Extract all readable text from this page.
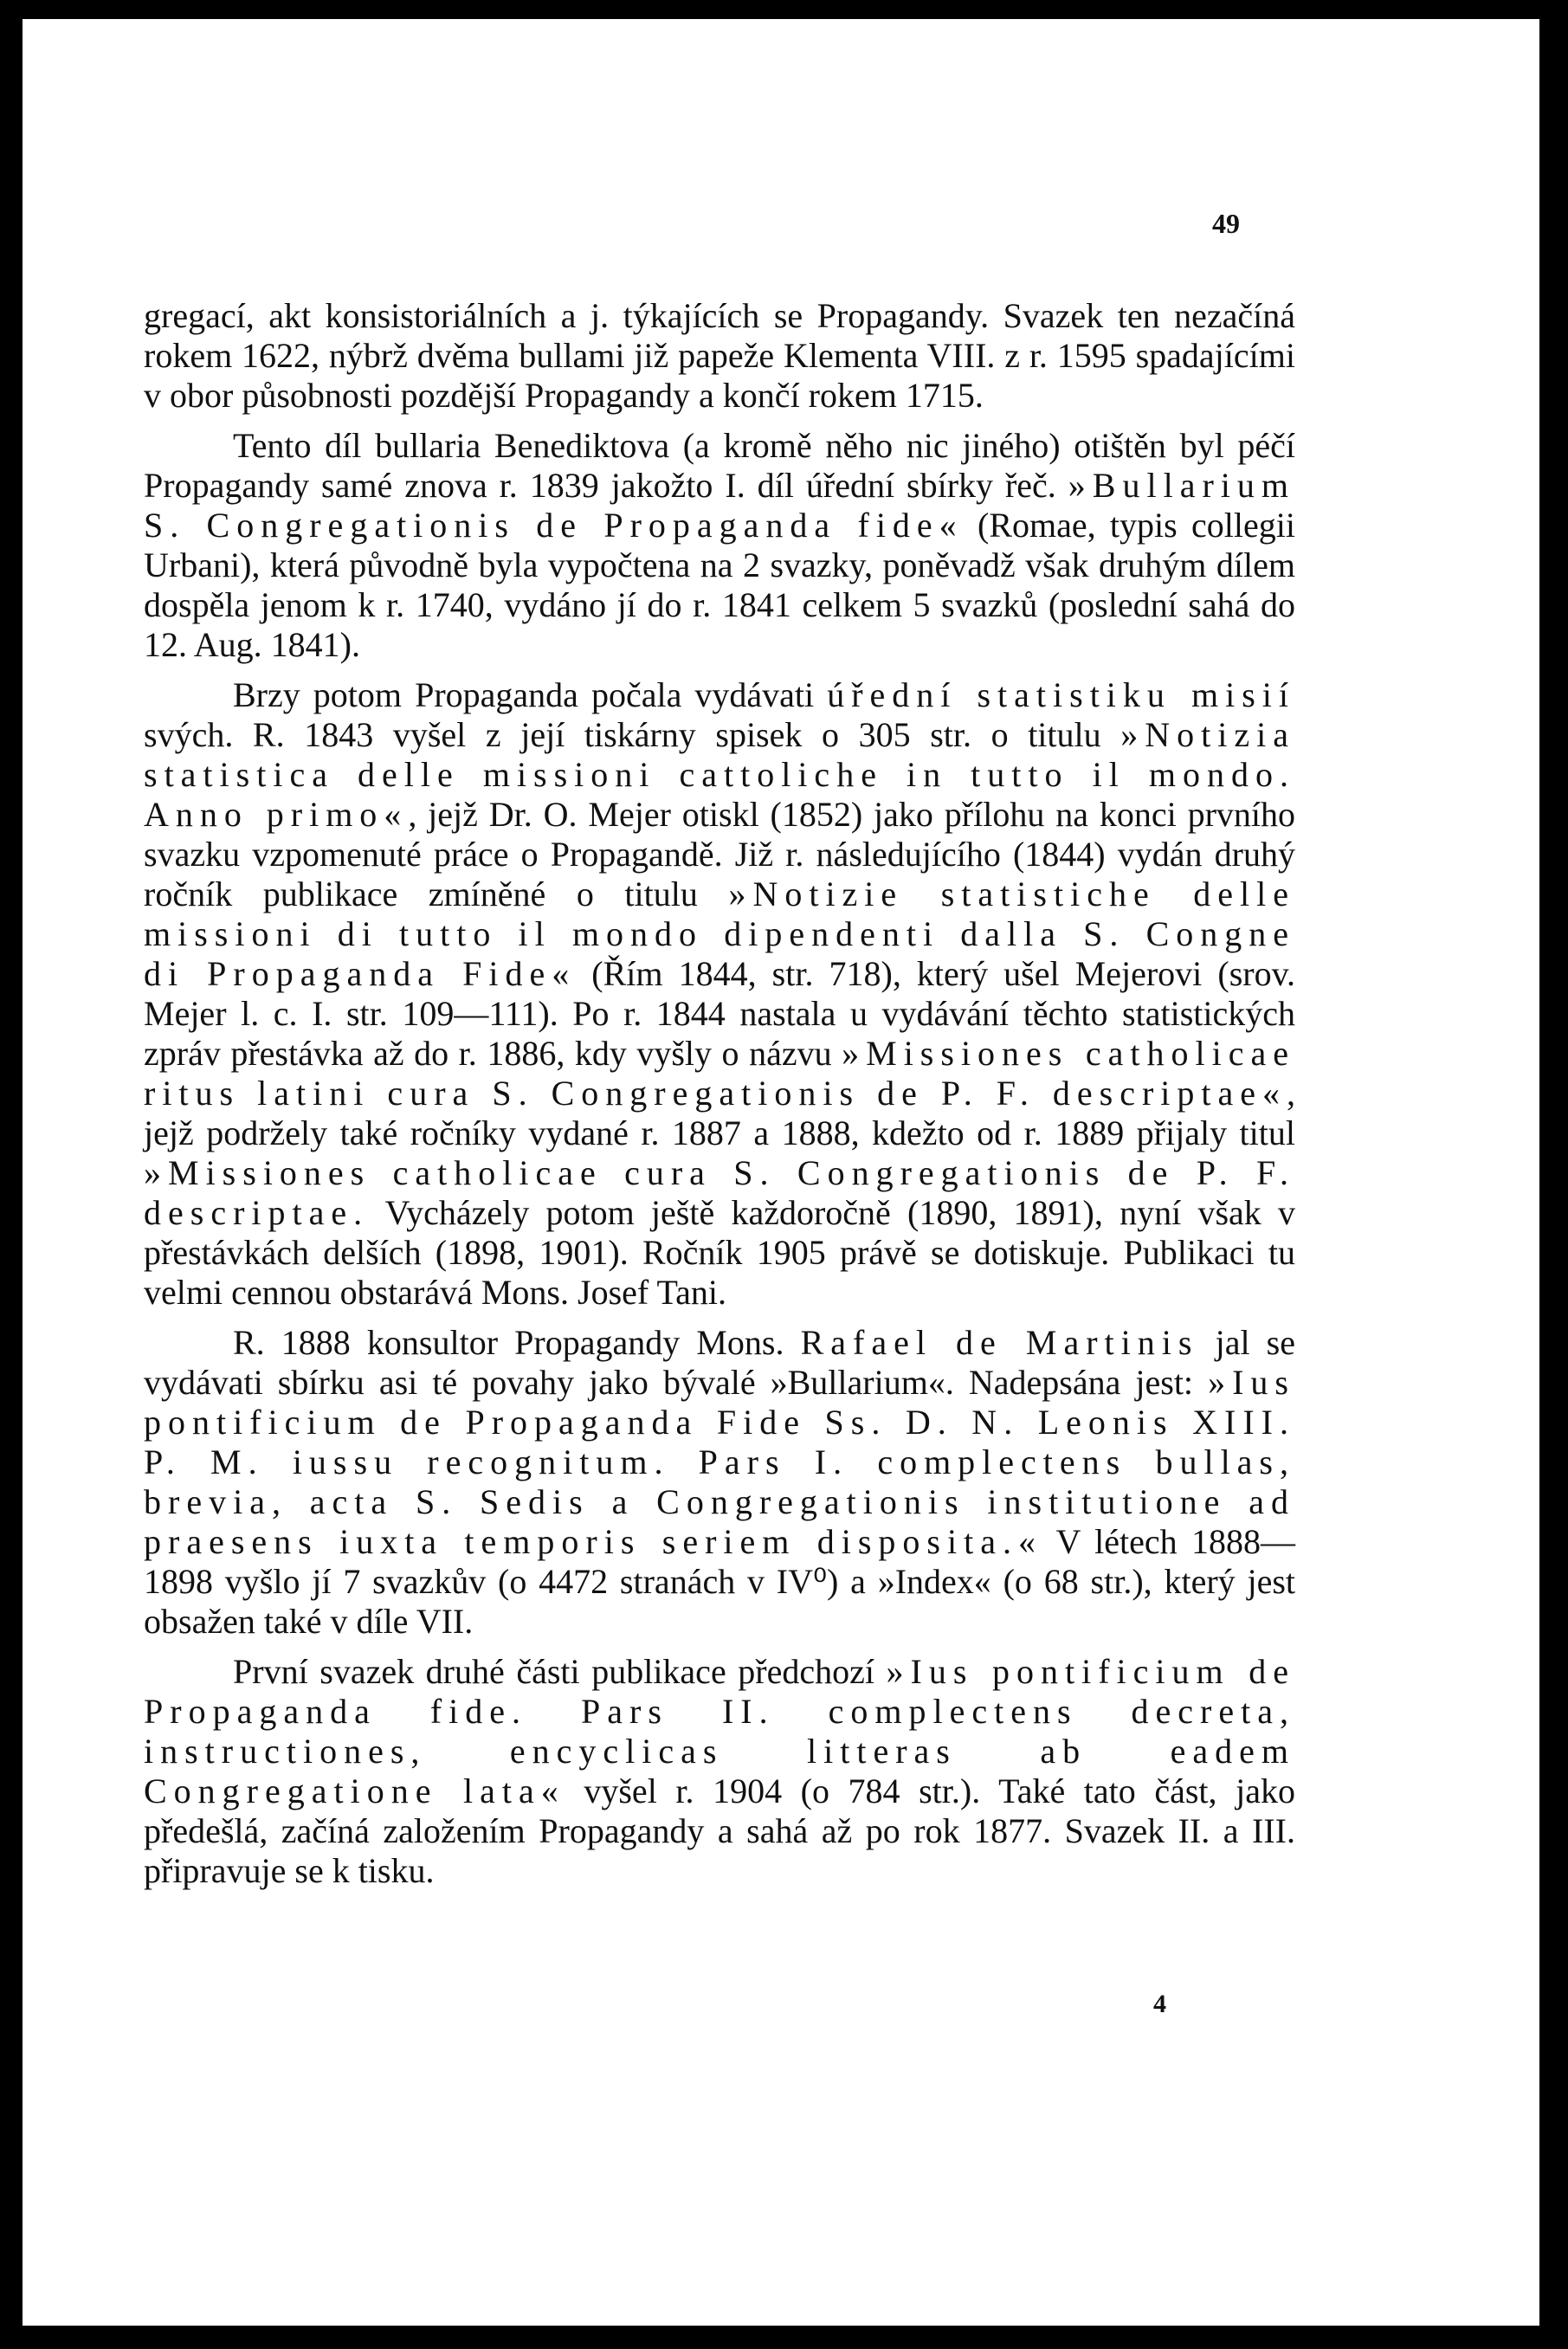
49

gregací, akt konsistoriálních a j. týkajících se Propagandy. Svazek ten nezačíná rokem 1622, nýbrž dvěma bullami již papeže Klementa VIII. z r. 1595 spadajícími v obor působnosti pozdější Propagandy a končí rokem 1715.

Tento díl bullaria Benediktova (a kromě něho nic jiného) otištěn byl péčí Propagandy samé znova r. 1839 jakožto I. díl úřední sbírky řeč. »Bullarium S. Congregationis de Propaganda fide« (Romae, typis collegii Urbani), která původně byla vypočtena na 2 svazky, poněvadž však druhým dílem dospěla jenom k r. 1740, vydáno jí do r. 1841 celkem 5 svazků (poslední sahá do 12. Aug. 1841).

Brzy potom Propaganda počala vydávati úřední statistiku misií svých. R. 1843 vyšel z její tiskárny spisek o 305 str. o titulu »Notizia statistica delle missioni cattoliche in tutto il mondo. Anno primo«, jejž Dr. O. Mejer otiskl (1852) jako přílohu na konci prvního svazku vzpomenuté práce o Propagandě. Již r. následujícího (1844) vydán druhý ročník publikace zmíněné o titulu »Notizie statistiche delle missioni di tutto il mondo dipendenti dalla S. Congne di Propaganda Fide« (Řím 1844, str. 718), který ušel Mejerovi (srov. Mejer l. c. I. str. 109—111). Po r. 1844 nastala u vydávání těchto statistických zpráv přestávka až do r. 1886, kdy vyšly o názvu »Missiones catholicae ritus latini cura S. Congregationis de P. F. descriptae«, jejž podržely také ročníky vydané r. 1887 a 1888, kdežto od r. 1889 přijaly titul »Missiones catholicae cura S. Congregationis de P. F. descriptae. Vycházely potom ještě každoročně (1890, 1891), nyní však v přestávkách delších (1898, 1901). Ročník 1905 právě se dotiskuje. Publikaci tu velmi cennou obstarává Mons. Josef Tani.

R. 1888 konsultor Propagandy Mons. Rafael de Martinis jal se vydávati sbírku asi té povahy jako bývalé »Bullarium«. Nadepsána jest: »Ius pontificium de Propaganda Fide Ss. D. N. Leonis XIII. P. M. iussu recognitum. Pars I. complectens bullas, brevia, acta S. Sedis a Congregationis institutione ad praesens iuxta temporis seriem disposita.« V létech 1888—1898 vyšlo jí 7 svazkův (o 4472 stranách v IV⁰) a »Index« (o 68 str.), který jest obsažen také v díle VII.

První svazek druhé části publikace předchozí »Ius pontificium de Propaganda fide. Pars II. complectens decreta, instructiones, encyclicas litteras ab eadem Congregatione lata« vyšel r. 1904 (o 784 str.). Také tato část, jako předešlá, začíná založením Propagandy a sahá až po rok 1877. Svazek II. a III. připravuje se k tisku.

4
